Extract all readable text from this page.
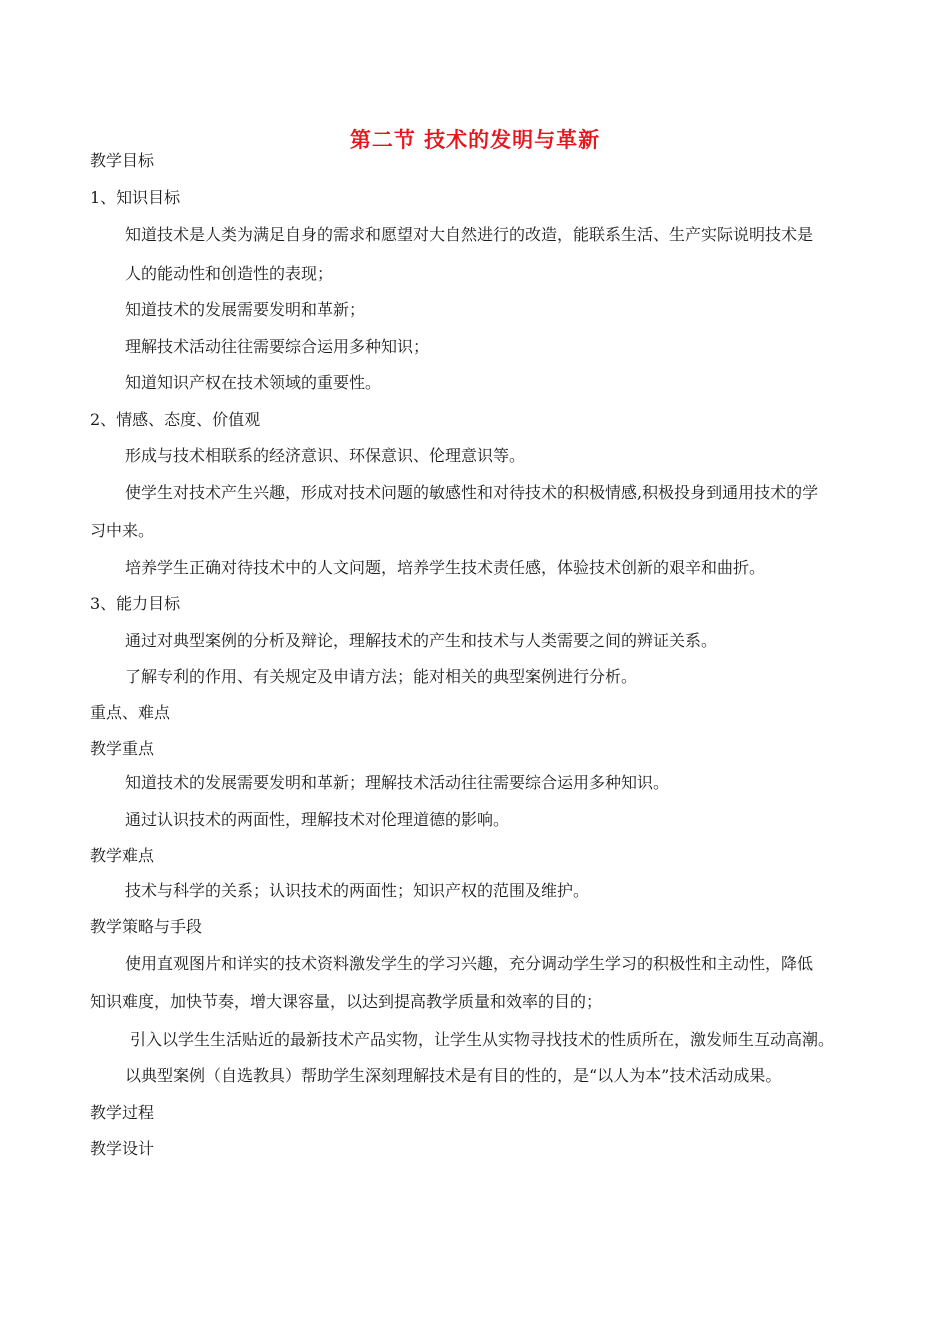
第二节 技术的发明与革新

教学目标

1、知识目标

知道技术是人类为满足自身的需求和愿望对大自然进行的改造，能联系生活、生产实际说明技术是

人的能动性和创造性的表现；

知道技术的发展需要发明和革新；

理解技术活动往往需要综合运用多种知识；

知道知识产权在技术领域的重要性。

2、情感、态度、价值观

形成与技术相联系的经济意识、环保意识、伦理意识等。

使学生对技术产生兴趣，形成对技术问题的敏感性和对待技术的积极情感,积极投身到通用技术的学

习中来。

培养学生正确对待技术中的人文问题，培养学生技术责任感，体验技术创新的艰辛和曲折。

3、能力目标

通过对典型案例的分析及辩论，理解技术的产生和技术与人类需要之间的辨证关系。

了解专利的作用、有关规定及申请方法；能对相关的典型案例进行分析。

重点、难点

教学重点

知道技术的发展需要发明和革新；理解技术活动往往需要综合运用多种知识。

通过认识技术的两面性，理解技术对伦理道德的影响。

教学难点

技术与科学的关系；认识技术的两面性；知识产权的范围及维护。

教学策略与手段

使用直观图片和详实的技术资料激发学生的学习兴趣，充分调动学生学习的积极性和主动性，降低

知识难度，加快节奏，增大课容量，以达到提高教学质量和效率的目的；

引入以学生生活贴近的最新技术产品实物，让学生从实物寻找技术的性质所在，激发师生互动高潮。

以典型案例（自选教具）帮助学生深刻理解技术是有目的性的，是“以人为本”技术活动成果。

教学过程

教学设计
